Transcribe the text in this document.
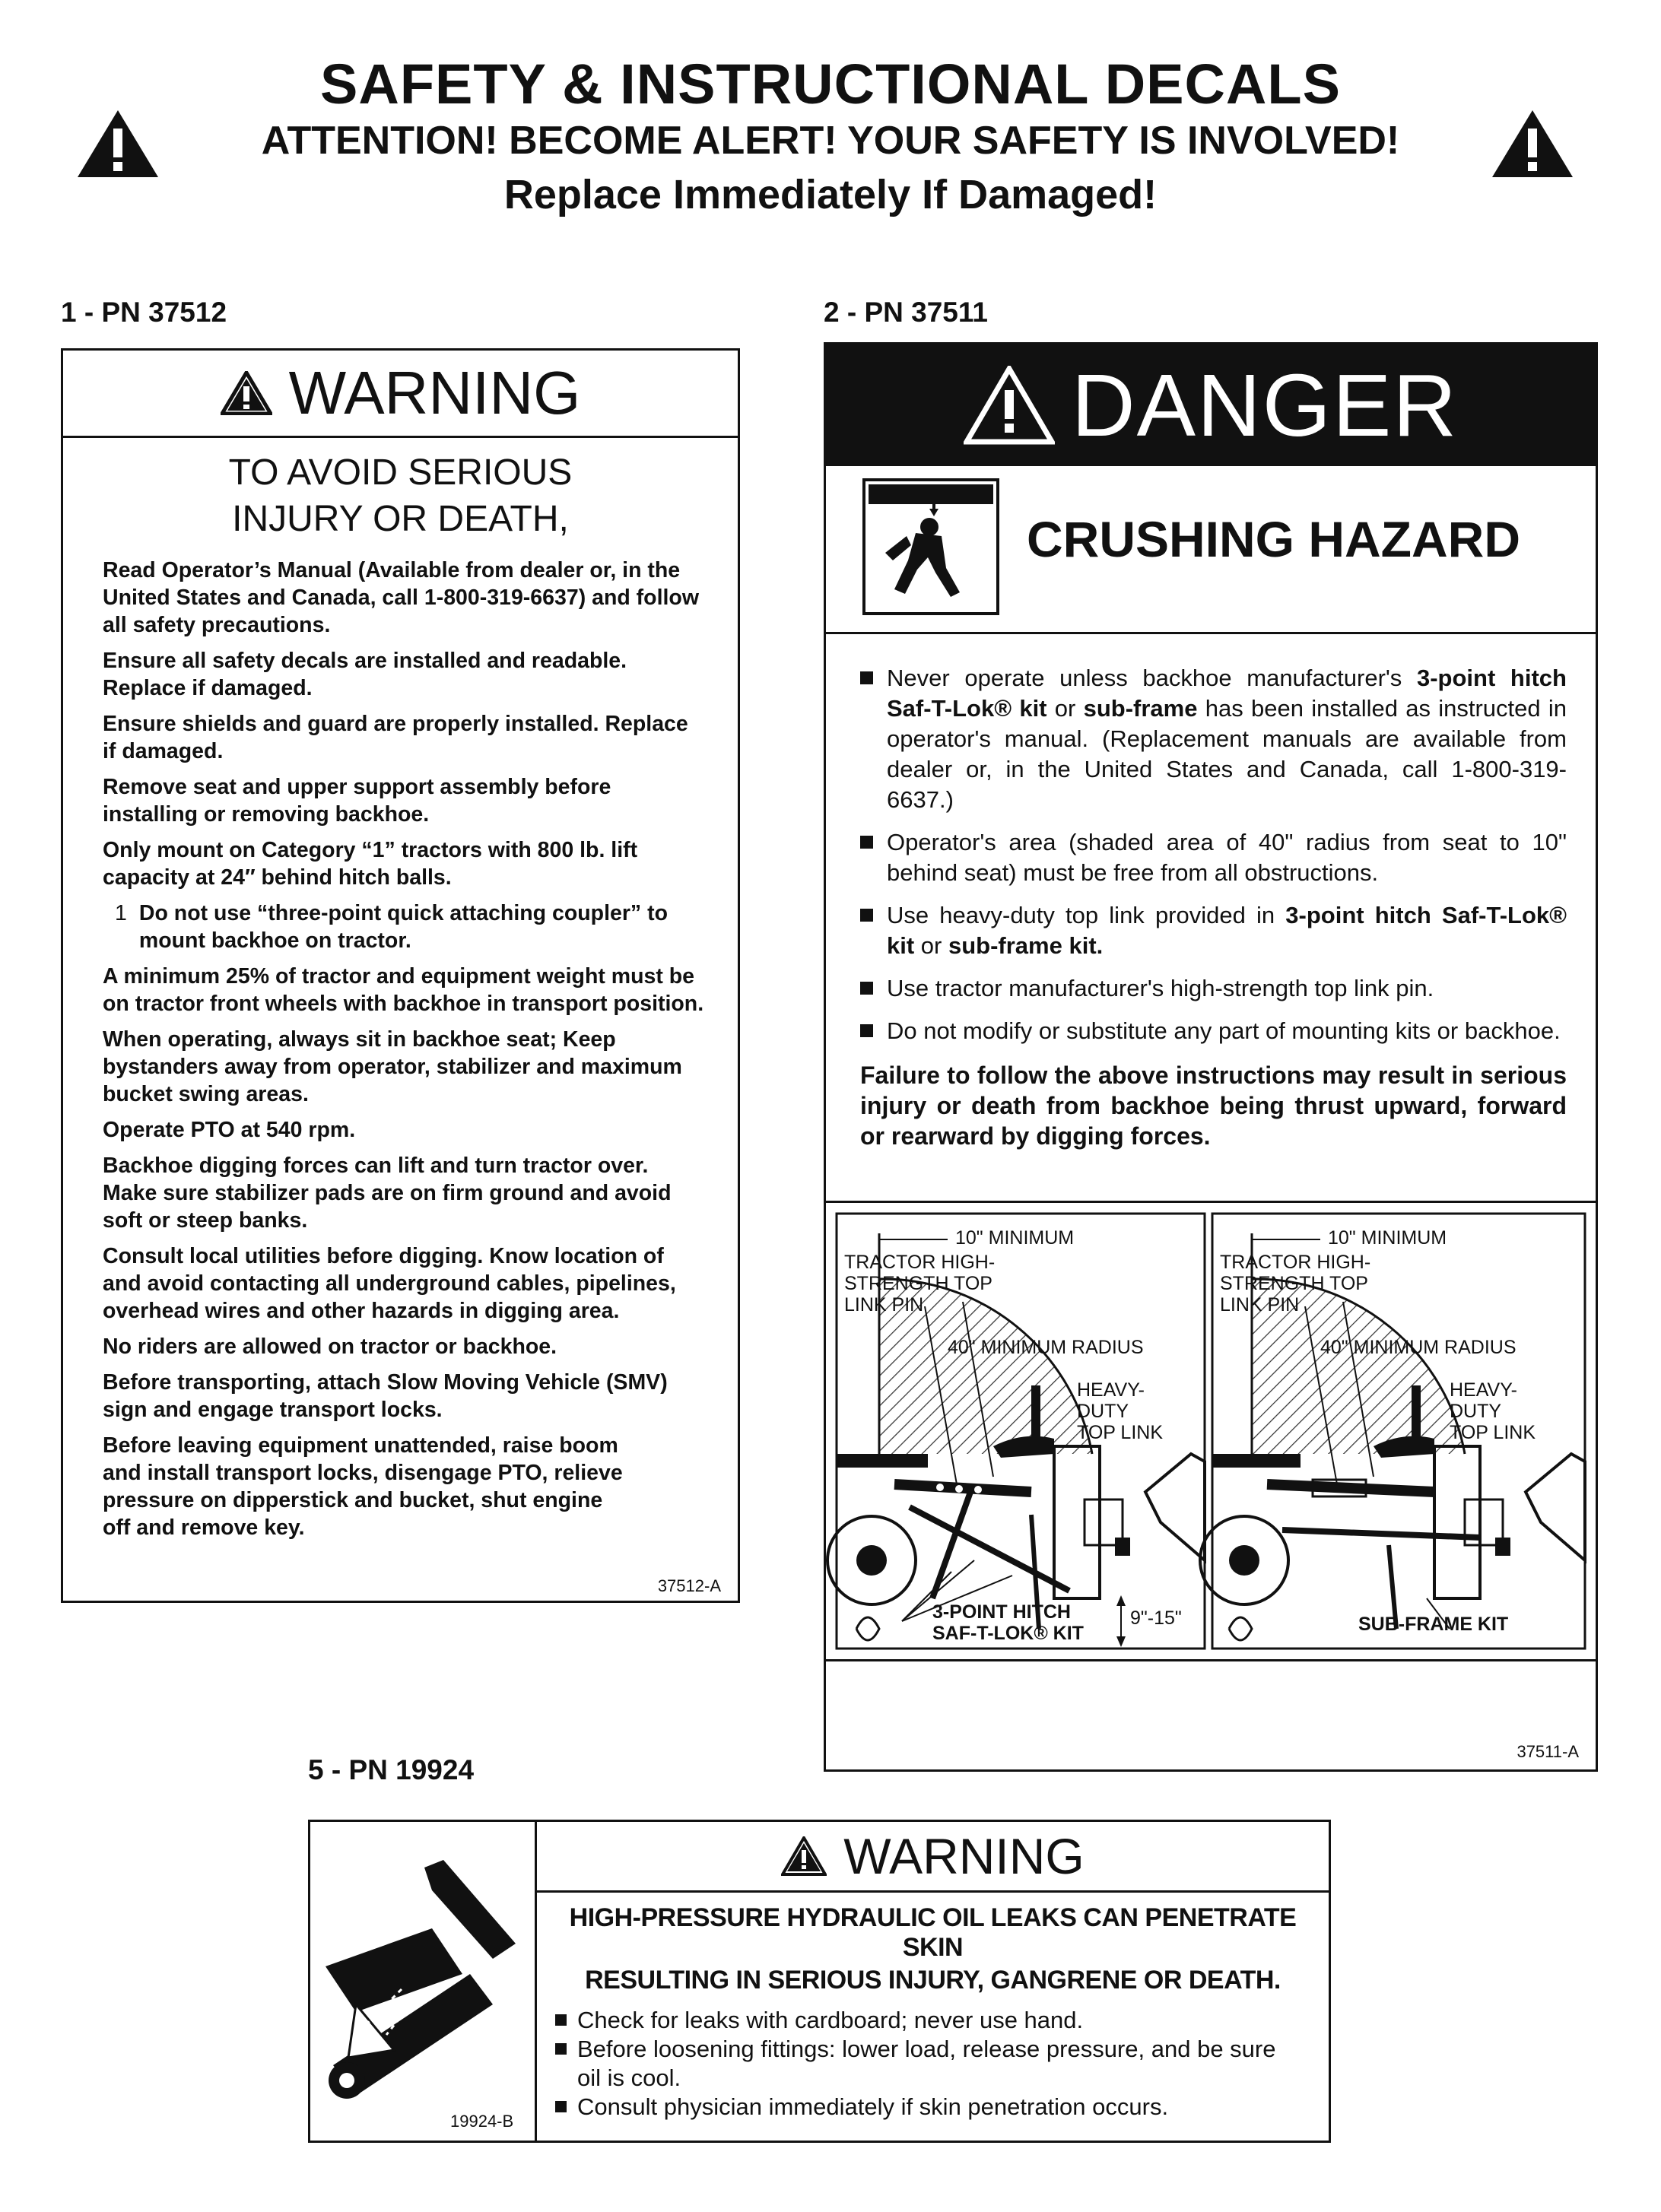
SAFETY & INSTRUCTIONAL DECALS
ATTENTION! BECOME ALERT! YOUR SAFETY IS INVOLVED!
Replace Immediately If Damaged!
1 - PN 37512
WARNING
TO AVOID SERIOUS
INJURY OR DEATH,

Read Operator’s Manual (Available from dealer or, in the United States and Canada, call 1-800-319-6637) and follow all safety precautions.

Ensure all safety decals are installed and readable. Replace if damaged.

Ensure shields and guard are properly installed. Replace if damaged.

Remove seat and upper support assembly before installing or removing backhoe.

Only mount on Category “1” tractors with 800 lb. lift capacity at 24″ behind hitch balls.

1 Do not use “three-point quick attaching coupler” to mount backhoe on tractor.

A minimum 25% of tractor and equipment weight must be on tractor front wheels with backhoe in transport position.

When operating, always sit in backhoe seat; Keep bystanders away from operator, stabilizer and maximum bucket swing areas.

Operate PTO at 540 rpm.

Backhoe digging forces can lift and turn tractor over. Make sure stabilizer pads are on firm ground and avoid soft or steep banks.

Consult local utilities before digging. Know location of and avoid contacting all underground cables, pipelines, overhead wires and other hazards in digging area.

No riders are allowed on tractor or backhoe.

Before transporting, attach Slow Moving Vehicle (SMV) sign and engage transport locks.

Before leaving equipment unattended, raise boom and install transport locks, disengage PTO, relieve pressure on dipperstick and bucket, shut engine off and remove key.

37512-A
2 - PN 37511
DANGER
CRUSHING HAZARD
Never operate unless backhoe manufacturer's 3-point hitch Saf-T-Lok® kit or sub-frame has been installed as instructed in operator's manual. (Replacement manuals are available from dealer or, in the United States and Canada, call 1-800-319-6637.)
Operator's area (shaded area of 40" radius from seat to 10" behind seat) must be free from all obstructions.
Use heavy-duty top link provided in 3-point hitch Saf-T-Lok® kit or sub-frame kit.
Use tractor manufacturer's high-strength top link pin.
Do not modify or substitute any part of mounting kits or backhoe.
Failure to follow the above instructions may result in serious injury or death from backhoe being thrust upward, forward or rearward by digging forces.
10" MINIMUM
TRACTOR HIGH-
STRENGTH TOP
LINK PIN
40" MINIMUM RADIUS
HEAVY-
DUTY
TOP LINK
3-POINT HITCH
SAF-T-LOK® KIT
9"-15"
10" MINIMUM
TRACTOR HIGH-
STRENGTH TOP
LINK PIN
40" MINIMUM RADIUS
HEAVY-
DUTY
TOP LINK
SUB-FRAME KIT
37511-A
5 - PN 19924
19924-B
WARNING
HIGH-PRESSURE HYDRAULIC OIL LEAKS CAN PENETRATE SKIN
RESULTING IN SERIOUS INJURY, GANGRENE OR DEATH.
Check for leaks with cardboard; never use hand.
Before loosening fittings: lower load, release pressure, and be sure oil is cool.
Consult physician immediately if skin penetration occurs.
